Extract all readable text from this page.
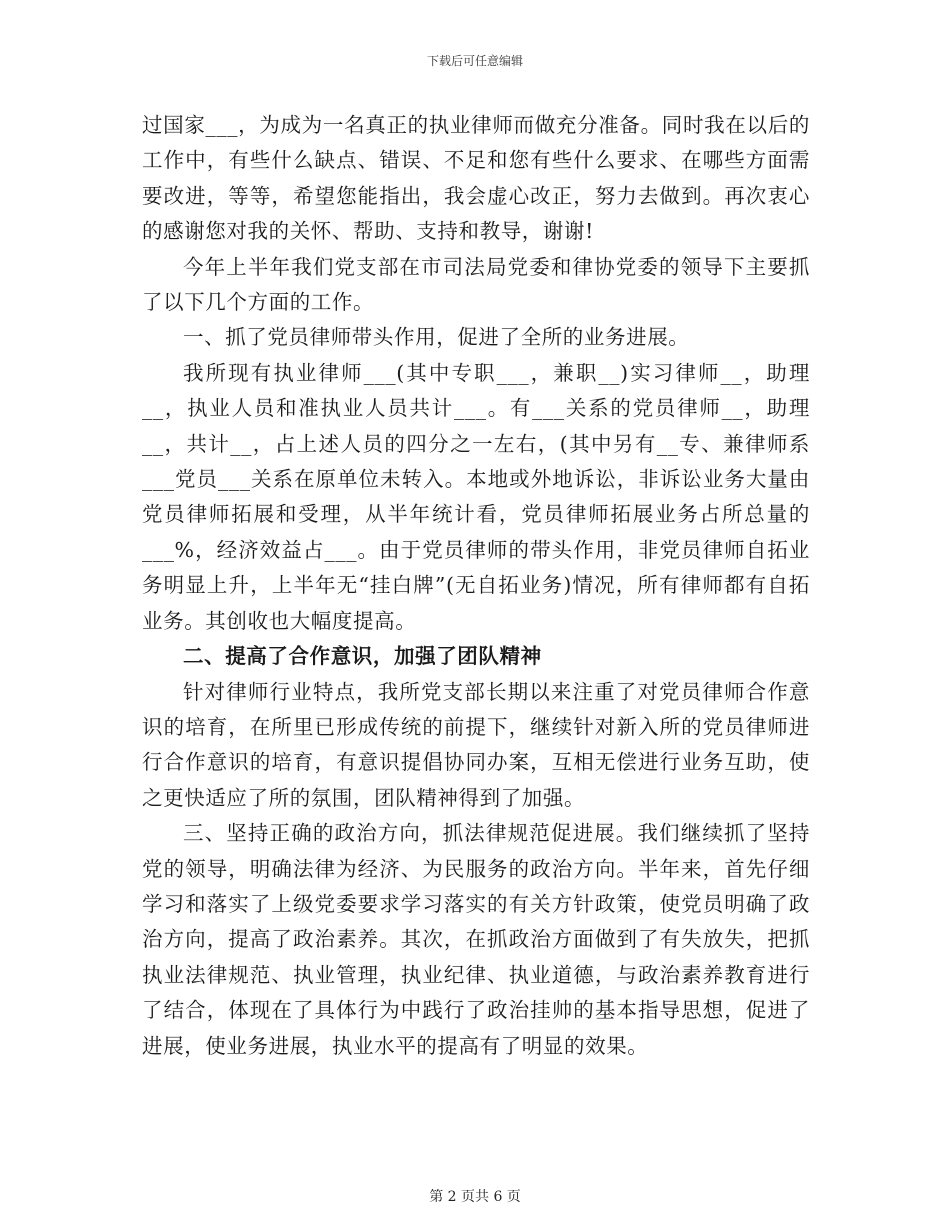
下载后可任意编辑

过国家___，为成为一名真正的执业律师而做充分准备。同时我在以后的工作中，有些什么缺点、错误、不足和您有些什么要求、在哪些方面需要改进，等等，希望您能指出，我会虚心改正，努力去做到。再次衷心的感谢您对我的关怀、帮助、支持和教导，谢谢!

今年上半年我们党支部在市司法局党委和律协党委的领导下主要抓了以下几个方面的工作。

一、抓了党员律师带头作用，促进了全所的业务进展。

我所现有执业律师___(其中专职___，兼职__)实习律师__，助理__，执业人员和准执业人员共计___。有___关系的党员律师__，助理__，共计__，占上述人员的四分之一左右，(其中另有__专、兼律师系___党员___关系在原单位未转入。本地或外地诉讼，非诉讼业务大量由党员律师拓展和受理，从半年统计看，党员律师拓展业务占所总量的___%，经济效益占___。由于党员律师的带头作用，非党员律师自拓业务明显上升，上半年无“挂白牌”(无自拓业务)情况，所有律师都有自拓业务。其创收也大幅度提高。

二、提高了合作意识，加强了团队精神

针对律师行业特点，我所党支部长期以来注重了对党员律师合作意识的培育，在所里已形成传统的前提下，继续针对新入所的党员律师进行合作意识的培育，有意识提倡协同办案，互相无偿进行业务互助，使之更快适应了所的氛围，团队精神得到了加强。

三、坚持正确的政治方向，抓法律规范促进展。我们继续抓了坚持党的领导，明确法律为经济、为民服务的政治方向。半年来，首先仔细学习和落实了上级党委要求学习落实的有关方针政策，使党员明确了政治方向，提高了政治素养。其次，在抓政治方面做到了有失放失，把抓执业法律规范、执业管理，执业纪律、执业道德，与政治素养教育进行了结合，体现在了具体行为中践行了政治挂帅的基本指导思想，促进了进展，使业务进展，执业水平的提高有了明显的效果。

第 2 页共 6 页
